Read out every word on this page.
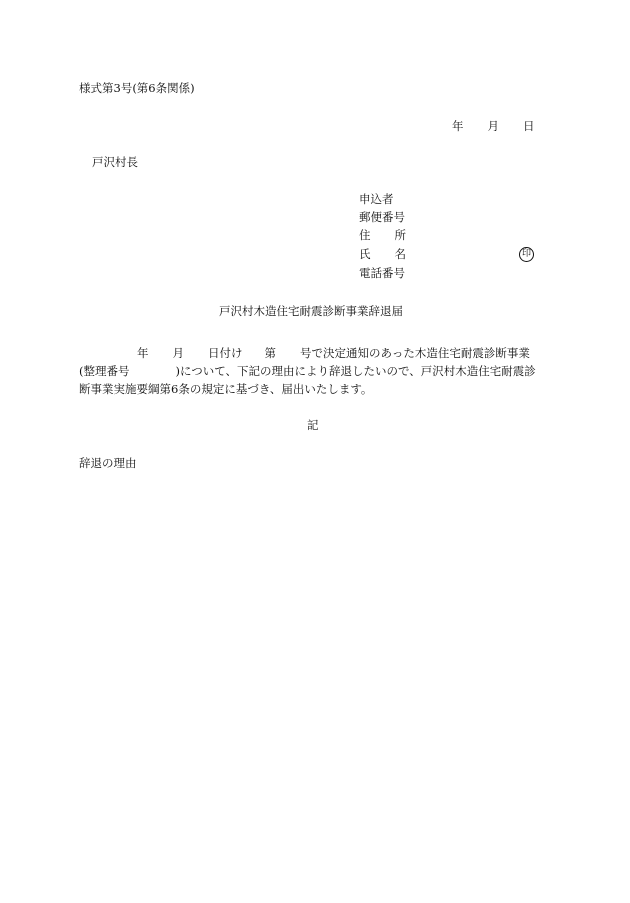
様式第3号(第6条関係)
年 月 日
戸沢村長
申込者
郵便番号
住 所
氏 名	印
電話番号
戸沢村木造住宅耐震診断事業辞退届
年 月 日付け 第 号で決定通知のあった木造住宅耐震診断事業
(整理番号	)について、下記の理由により辞退したいので、戸沢村木造住宅耐震診
断事業実施要綱第6条の規定に基づき、届出いたします。
記
辞退の理由
